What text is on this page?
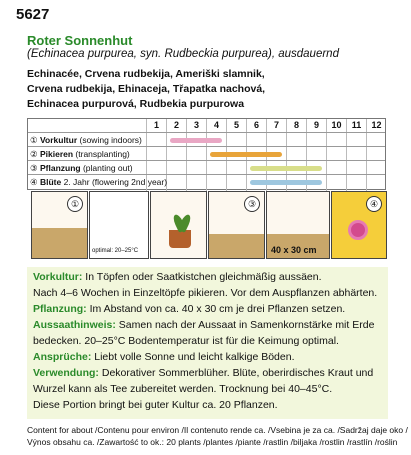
5627
Roter Sonnenhut
(Echinacea purpurea, syn. Rudbeckia purpurea), ausdauernd
Echinacée, Crvena rudbekija, Ameriški slamnik,
Crvena rudbekija, Ehinaceja, Třapatka nachová,
Echinacea purpurová, Rudbekia purpurowa
1	2	3	4	5	6	7	8	9	10	11	12
① Vorkultur (sowing indoors)
② Pikieren (transplanting)
③ Pflanzung (planting out)
④ Blüte 2. Jahr (flowering 2nd year)
①
optimal: 20–25°C
③
40 x 30 cm
④
Vorkultur: In Töpfen oder Saatkistchen gleichmäßig aussäen.
Nach 4–6 Wochen in Einzeltöpfe pikieren. Vor dem Auspflanzen abhärten.
Pflanzung: Im Abstand von ca. 40 x 30 cm je drei Pflanzen setzen.
Aussaathinweis: Samen nach der Aussaat in Samenkornstärke mit Erde
bedecken. 20–25°C Bodentemperatur ist für die Keimung optimal.
Ansprüche: Liebt volle Sonne und leicht kalkige Böden.
Verwendung: Dekorativer Sommerblüher. Blüte, oberirdisches Kraut und
Wurzel kann als Tee zubereitet werden. Trocknung bei 40–45°C.
Diese Portion bringt bei guter Kultur ca. 20 Pflanzen.
Content for about /Contenu pour environ /Il contenuto rende ca. /Vsebina je za ca. /Sadržaj daje oko /
Výnos obsahu ca. /Zawartość to ok.: 20 plants /plantes /piante /rastlin /biljaka /rostlin /rastlín /roślin
